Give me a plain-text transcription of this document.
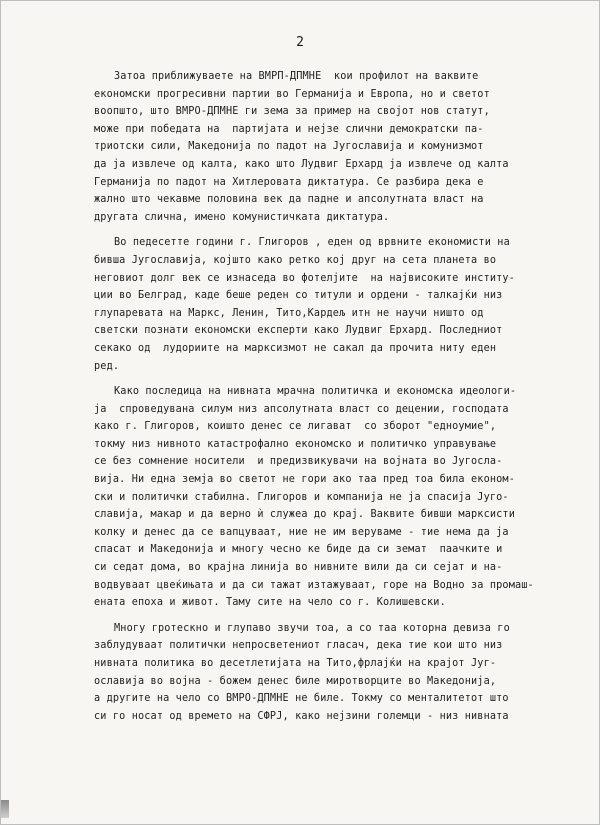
2
Затоа приближуваете на ВМРП-ДПМНЕ  кои профилот на ваквите
економски прогресивни партии во Германија и Европа, но и светот
воопшто, што ВМРО-ДПМНЕ ги зема за пример на својот нов статут,
може при победата на  партијата и нејзе слични демократски па-
триотски сили, Македонија по падот на Југославија и комунизмот
да ја извлече од калта, како што Лудвиг Ерхард ја извлече од калта
Германија по падот на Хитлеровата диктатура. Се разбира дека е
жално што чекавме половина век да падне и апсолутната власт на
другата слична, имено комунистичката диктатура.
Во педесетте години г. Глигоров , еден од врвните економисти на
бивша Југославија, којшто како ретко кој друг на сета планета во
неговиот долг век се изнаседа во фотелјите  на највисоките институ-
ции во Белград, каде беше реден со титули и ордени - талкајќи низ
глупаревата на Маркс, Ленин, Тито,Кардељ итн не научи ништо од
светски познати економски експерти како Лудвиг Ерхард. Последниот
секако од  лудориите на марксизмот не сакал да прочита ниту еден
ред.
Како последица на нивната мрачна политичка и економска идеологи-
ја  спроведувана силум низ апсолутната власт со децении, господата
како г. Глигоров, коишто денес се лигават  со зборот "едноумие",
токму низ нивното катастрофално економско и политичко управување
се без сомнение носители  и предизвикувачи на војната во Југосла-
вија. Ни една земја во светот не гори ако таа пред тоа била економ-
ски и политички стабилна. Глигоров и компанија не ја спасија Југо-
славија, макар и да верно ѝ служеа до крај. Ваквите бивши марксисти
колку и денес да се вапцуваат, ние не им веруваме - тие нема да ја
спасат и Македонија и многу чесно ке биде да си земат  паачките и
си седат дома, во крајна линија во нивните вили да си сејат и на-
водвуваат цвеќињата и да си тажат изтажуваат, горе на Водно за промаш-
ената епоха и живот. Таму сите на чело со г. Колишевски.
Многу гротескно и глупаво звучи тоа, а со таа кoторна девиза го
заблудуваат политички непросветениот гласач, дека тие кои што низ
нивната политика во десетлетијата на Тито,фрлајќи на крајот Југ-
ославија во војна - божем денес биле миротворците во Македонија,
а другите на чело со ВМРО-ДПМНЕ не биле. Токму со менталитетот што
си го носат од времето на СФРЈ, како нејзини големци - низ нивната
